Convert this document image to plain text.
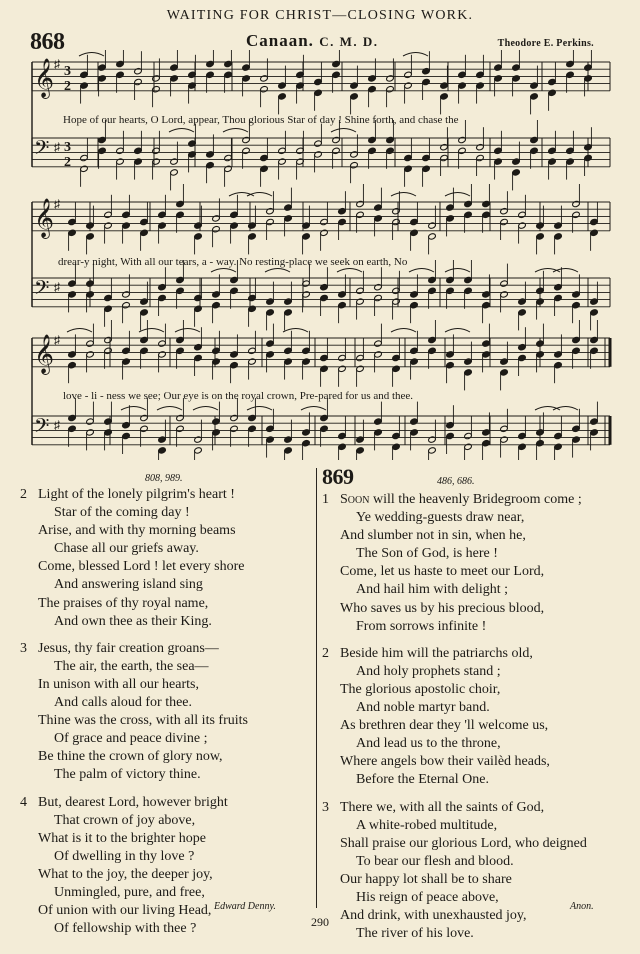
WAITING FOR CHRIST—CLOSING WORK.
868	Canaan. C. M. D.	Theodore E. Perkins.
𝄞 ♯ 3
2
𝄢 ♯ 3
2
𝄞 ♯
𝄢 ♯
𝄞 ♯
𝄢 ♯
Hope of our hearts, O Lord, appear, Thou glorious Star of day ! Shine forth, and chase the
drear-y night, With all our tears, a - way. No resting-place we seek on earth, No
love - li - ness we see; Our eye is on the royal crown, Pre-pared for us and thee.
808, 989.	869	486, 686.
2 Light of the lonely pilgrim's heart !
Star of the coming day !
Arise, and with thy morning beams
Chase all our griefs away.
Come, blessed Lord ! let every shore
And answering island sing
The praises of thy royal name,
And own thee as their King.
3 Jesus, thy fair creation groans—
The air, the earth, the sea—
In unison with all our hearts,
And calls aloud for thee.
Thine was the cross, with all its fruits
Of grace and peace divine ;
Be thine the crown of glory now,
The palm of victory thine.
4 But, dearest Lord, however bright
That crown of joy above,
What is it to the brighter hope
Of dwelling in thy love ?
What to the joy, the deeper joy,
Unmingled, pure, and free,
Of union with our living Head,
Of fellowship with thee ?
1 Soon will the heavenly Bridegroom come ;
Ye wedding-guests draw near,
And slumber not in sin, when he,
The Son of God, is here !
Come, let us haste to meet our Lord,
And hail him with delight ;
Who saves us by his precious blood,
From sorrows infinite !
2 Beside him will the patriarchs old,
And holy prophets stand ;
The glorious apostolic choir,
And noble martyr band.
As brethren dear they 'll welcome us,
And lead us to the throne,
Where angels bow their vailèd heads,
Before the Eternal One.
3 There we, with all the saints of God,
A white-robed multitude,
Shall praise our glorious Lord, who deigned
To bear our flesh and blood.
Our happy lot shall be to share
His reign of peace above,
And drink, with unexhausted joy,
The river of his love.
Edward Denny.	Anon.
290
